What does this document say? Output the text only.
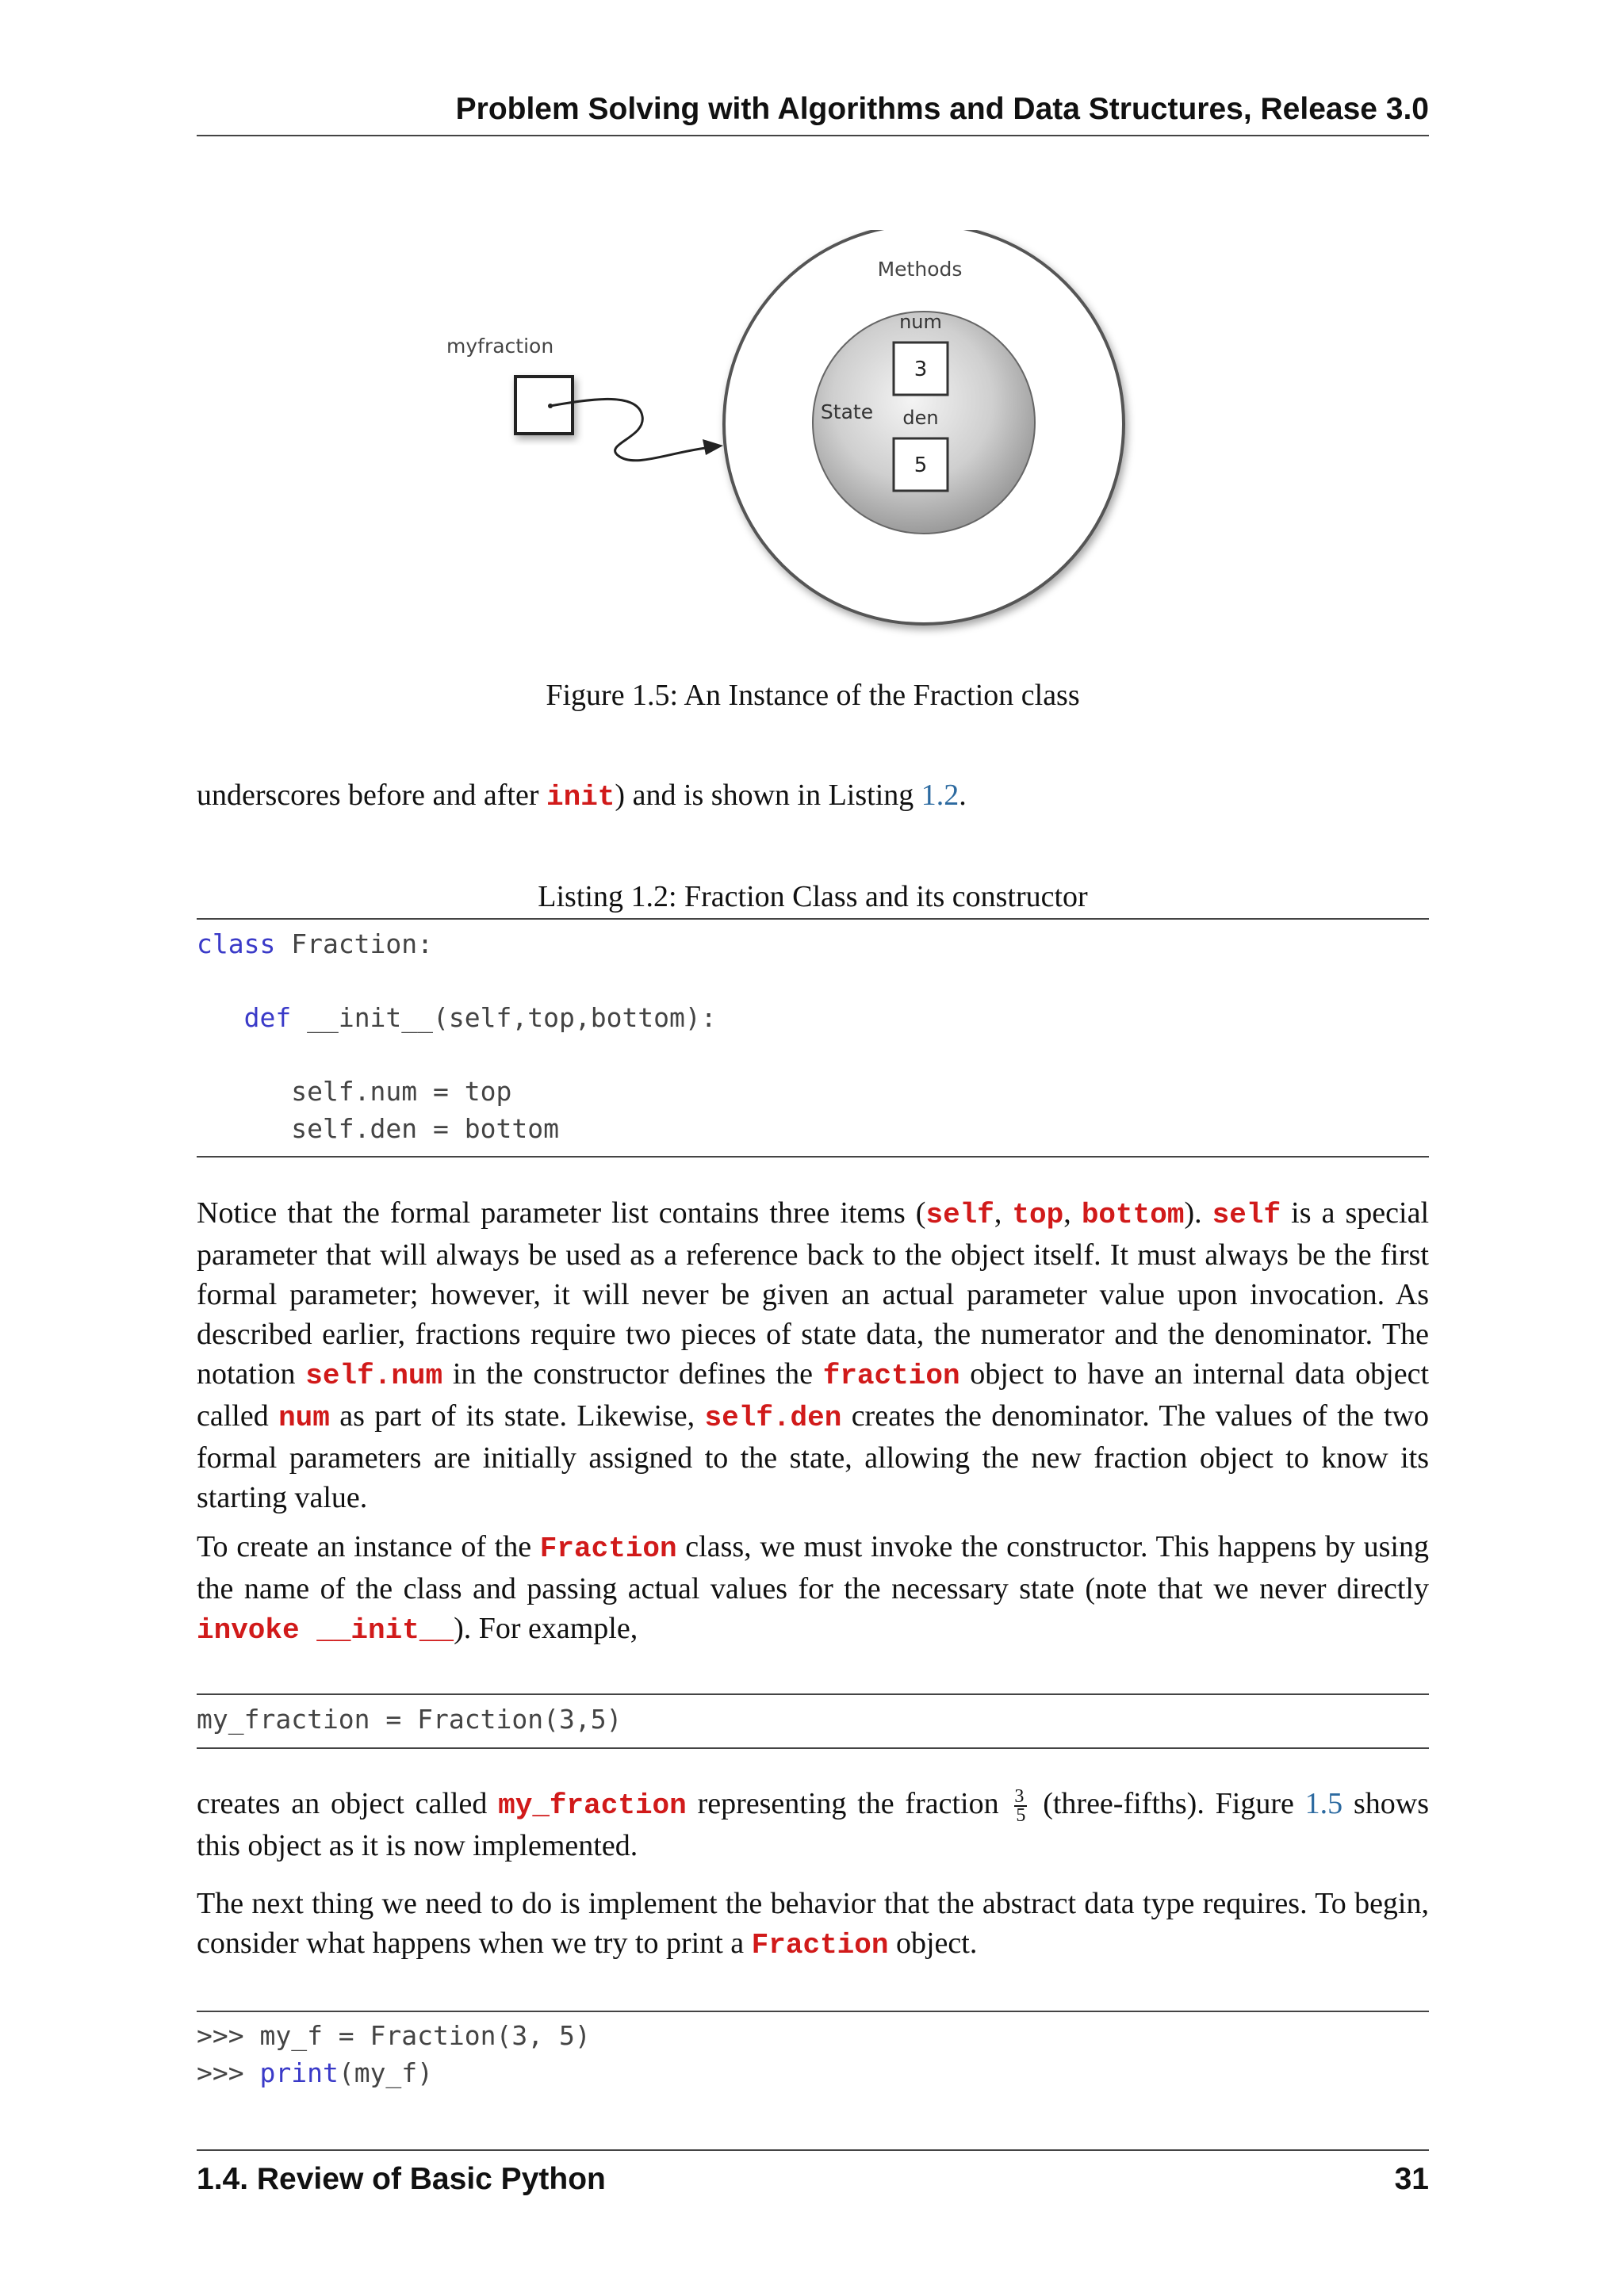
Problem Solving with Algorithms and Data Structures, Release 3.0
Methods
State
num
3
den
5
myfraction
Figure 1.5: An Instance of the Fraction class
underscores before and after init) and is shown in Listing 1.2.
Listing 1.2: Fraction Class and its constructor
class Fraction:

def __init__(self,top,bottom):

self.num = top
self.den = bottom
Notice that the formal parameter list contains three items (self, top, bottom). self is a special parameter that will always be used as a reference back to the object itself. It must always be the first formal parameter; however, it will never be given an actual parameter value upon invocation. As described earlier, fractions require two pieces of state data, the numerator and the denominator. The notation self.num in the constructor defines the fraction object to have an internal data object called num as part of its state. Likewise, self.den creates the denominator. The values of the two formal parameters are initially assigned to the state, allowing the new fraction object to know its starting value.
To create an instance of the Fraction class, we must invoke the constructor. This happens by using the name of the class and passing actual values for the necessary state (note that we never directly invoke __init__). For example,
my_fraction = Fraction(3,5)
creates an object called my_fraction representing the fraction $\frac{3}{5}$ (three-fifths). Figure 1.5 shows this object as it is now implemented.
The next thing we need to do is implement the behavior that the abstract data type requires. To begin, consider what happens when we try to print a Fraction object.
>>> my_f = Fraction(3, 5)
>>> print(my_f)
1.4. Review of Basic Python	31
